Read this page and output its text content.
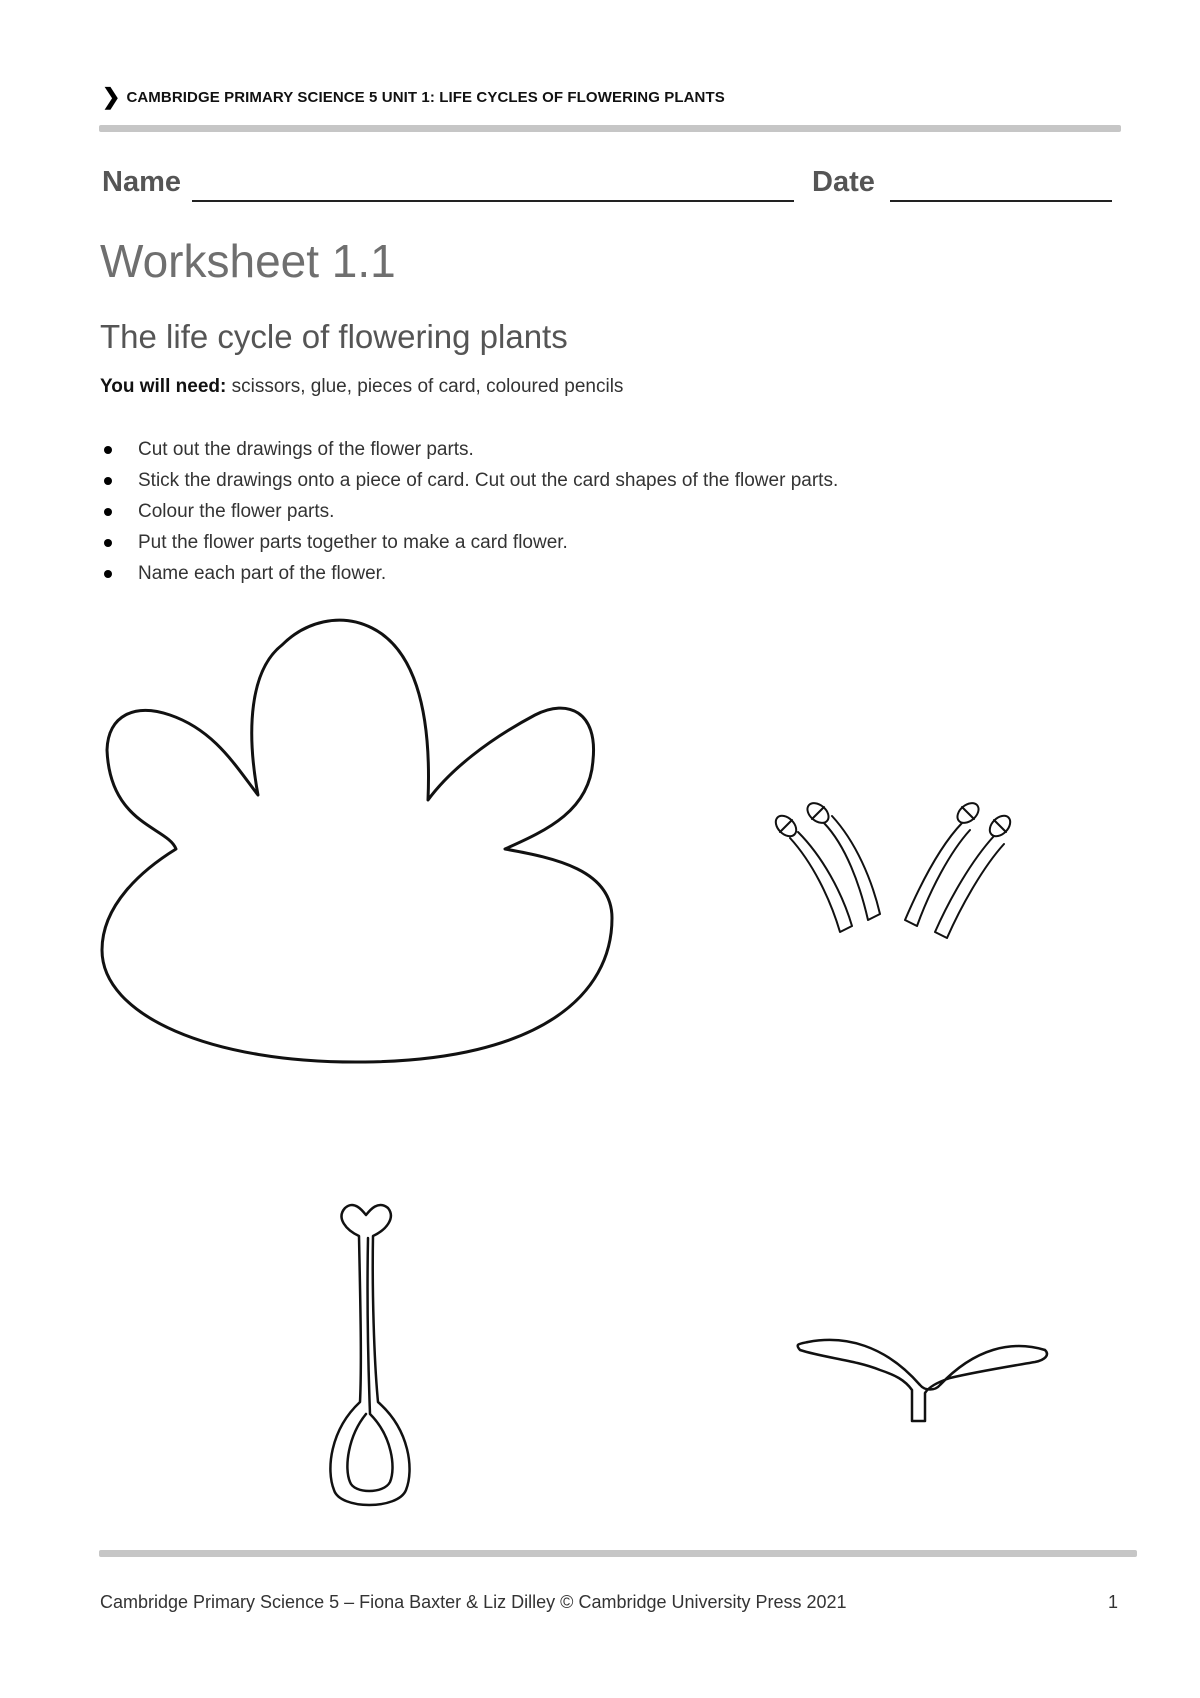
❯ CAMBRIDGE PRIMARY SCIENCE 5 UNIT 1: LIFE CYCLES OF FLOWERING PLANTS
Name	Date
Worksheet 1.1
The life cycle of flowering plants
You will need: scissors, glue, pieces of card, coloured pencils
Cut out the drawings of the flower parts.
Stick the drawings onto a piece of card. Cut out the card shapes of the flower parts.
Colour the flower parts.
Put the flower parts together to make a card flower.
Name each part of the flower.
Cambridge Primary Science 5 – Fiona Baxter & Liz Dilley © Cambridge University Press 2021	1
